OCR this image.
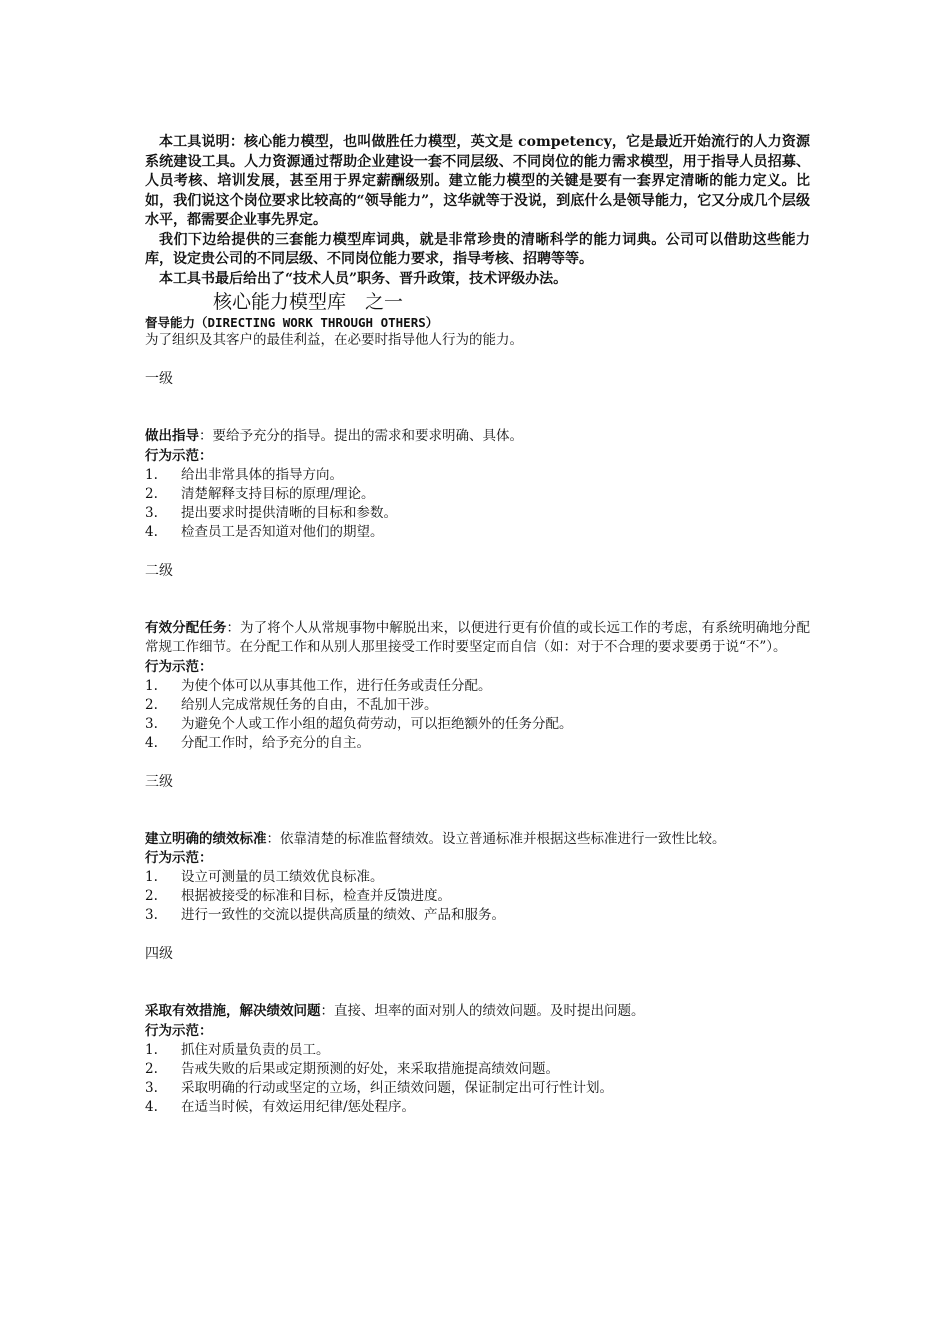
本工具说明：核心能力模型，也叫做胜任力模型，英文是 competency，它是最近开始流行的人力资源系统建设工具。人力资源通过帮助企业建设一套不同层级、不同岗位的能力需求模型，用于指导人员招募、人员考核、培训发展，甚至用于界定薪酬级别。建立能力模型的关键是要有一套界定清晰的能力定义。比如，我们说这个岗位要求比较高的“领导能力”，这华就等于没说，到底什么是领导能力，它又分成几个层级水平，都需要企业事先界定。

我们下边给提供的三套能力模型库词典，就是非常珍贵的清晰科学的能力词典。公司可以借助这些能力库，设定贵公司的不同层级、不同岗位能力要求，指导考核、招聘等等。

本工具书最后给出了“技术人员”职务、晋升政策，技术评级办法。

核心能力模型库　之一

督导能力（DIRECTING WORK THROUGH OTHERS）

为了组织及其客户的最佳利益，在必要时指导他人行为的能力。

一级

做出指导：要给予充分的指导。提出的需求和要求明确、具体。

行为示范：

1.	给出非常具体的指导方向。
2.	清楚解释支持目标的原理/理论。
3.	提出要求时提供清晰的目标和参数。
4.	检查员工是否知道对他们的期望。

二级

有效分配任务：为了将个人从常规事物中解脱出来，以便进行更有价值的或长远工作的考虑，有系统明确地分配常规工作细节。在分配工作和从别人那里接受工作时要坚定而自信（如：对于不合理的要求要勇于说“不”）。

行为示范：

1.	为使个体可以从事其他工作，进行任务或责任分配。
2.	给别人完成常规任务的自由，不乱加干涉。
3.	为避免个人或工作小组的超负荷劳动，可以拒绝额外的任务分配。
4.	分配工作时，给予充分的自主。

三级

建立明确的绩效标准：依靠清楚的标准监督绩效。设立普通标准并根据这些标准进行一致性比较。

行为示范：

1.	设立可测量的员工绩效优良标准。
2.	根据被接受的标准和目标，检查并反馈进度。
3.	进行一致性的交流以提供高质量的绩效、产品和服务。

四级

采取有效措施，解决绩效问题：直接、坦率的面对别人的绩效问题。及时提出问题。

行为示范：

1.	抓住对质量负责的员工。
2.	告戒失败的后果或定期预测的好处，来采取措施提高绩效问题。
3.	采取明确的行动或坚定的立场，纠正绩效问题，保证制定出可行性计划。
4.	在适当时候，有效运用纪律/惩处程序。
